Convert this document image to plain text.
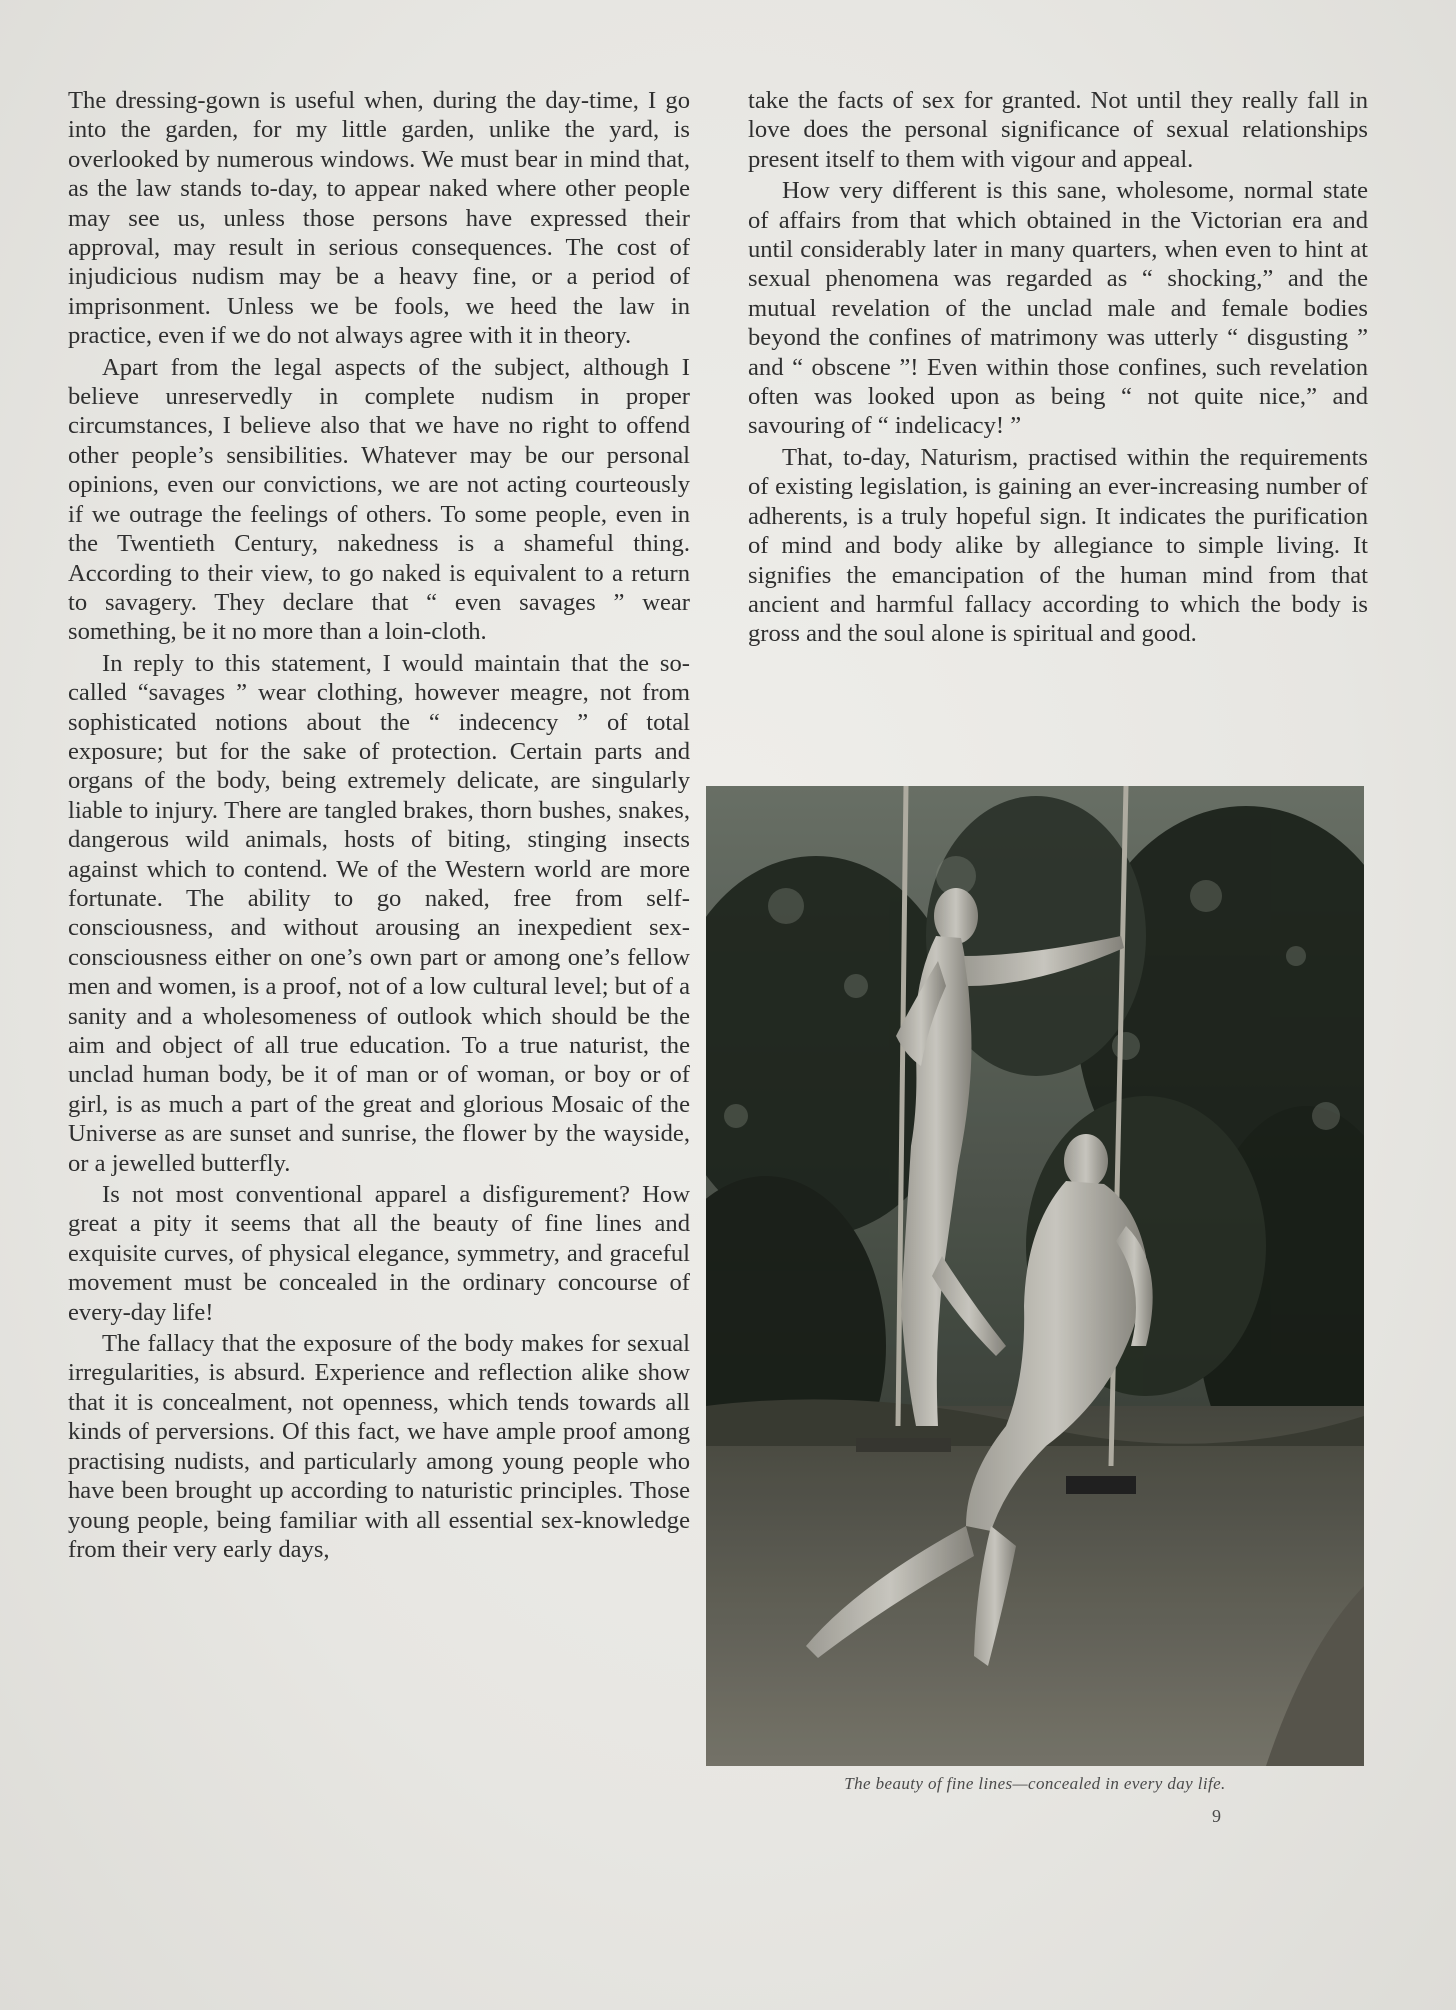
The dressing-gown is useful when, during the day-time, I go into the garden, for my little garden, unlike the yard, is overlooked by numerous windows. We must bear in mind that, as the law stands to-day, to appear naked where other people may see us, unless those persons have expressed their approval, may result in serious consequences. The cost of injudicious nudism may be a heavy fine, or a period of imprisonment. Unless we be fools, we heed the law in practice, even if we do not always agree with it in theory.

Apart from the legal aspects of the subject, although I believe unreservedly in complete nudism in proper circumstances, I believe also that we have no right to offend other people’s sensibilities. Whatever may be our personal opinions, even our convictions, we are not acting courteously if we outrage the feelings of others. To some people, even in the Twentieth Century, nakedness is a shameful thing. According to their view, to go naked is equivalent to a return to savagery. They declare that “ even savages ” wear something, be it no more than a loin-cloth.

In reply to this statement, I would maintain that the so-called “savages ” wear clothing, however meagre, not from sophisticated notions about the “ indecency ” of total exposure; but for the sake of protection. Certain parts and organs of the body, being extremely delicate, are singularly liable to injury. There are tangled brakes, thorn bushes, snakes, dangerous wild animals, hosts of biting, stinging insects against which to contend. We of the Western world are more fortunate. The ability to go naked, free from self-consciousness, and without arousing an inexpedient sex-consciousness either on one’s own part or among one’s fellow men and women, is a proof, not of a low cultural level; but of a sanity and a wholesomeness of outlook which should be the aim and object of all true education. To a true naturist, the unclad human body, be it of man or of woman, or boy or of girl, is as much a part of the great and glorious Mosaic of the Universe as are sunset and sunrise, the flower by the wayside, or a jewelled butterfly.

Is not most conventional apparel a disfigurement? How great a pity it seems that all the beauty of fine lines and exquisite curves, of physical elegance, symmetry, and graceful movement must be concealed in the ordinary concourse of every-day life!

The fallacy that the exposure of the body makes for sexual irregularities, is absurd. Experience and reflection alike show that it is concealment, not openness, which tends towards all kinds of perversions. Of this fact, we have ample proof among practising nudists, and particularly among young people who have been brought up according to naturistic principles. Those young people, being familiar with all essential sex-knowledge from their very early days,

take the facts of sex for granted. Not until they really fall in love does the personal significance of sexual relationships present itself to them with vigour and appeal.

How very different is this sane, wholesome, normal state of affairs from that which obtained in the Victorian era and until considerably later in many quarters, when even to hint at sexual phenomena was regarded as “ shocking,” and the mutual revelation of the unclad male and female bodies beyond the confines of matrimony was utterly “ disgusting ” and “ obscene ”! Even within those confines, such revelation often was looked upon as being “ not quite nice,” and savouring of “ indelicacy! ”

That, to-day, Naturism, practised within the requirements of existing legislation, is gaining an ever-increasing number of adherents, is a truly hopeful sign. It indicates the purification of mind and body alike by allegiance to simple living. It signifies the emancipation of the human mind from that ancient and harmful fallacy according to which the body is gross and the soul alone is spiritual and good.

The beauty of fine lines—concealed in every day life.
9
